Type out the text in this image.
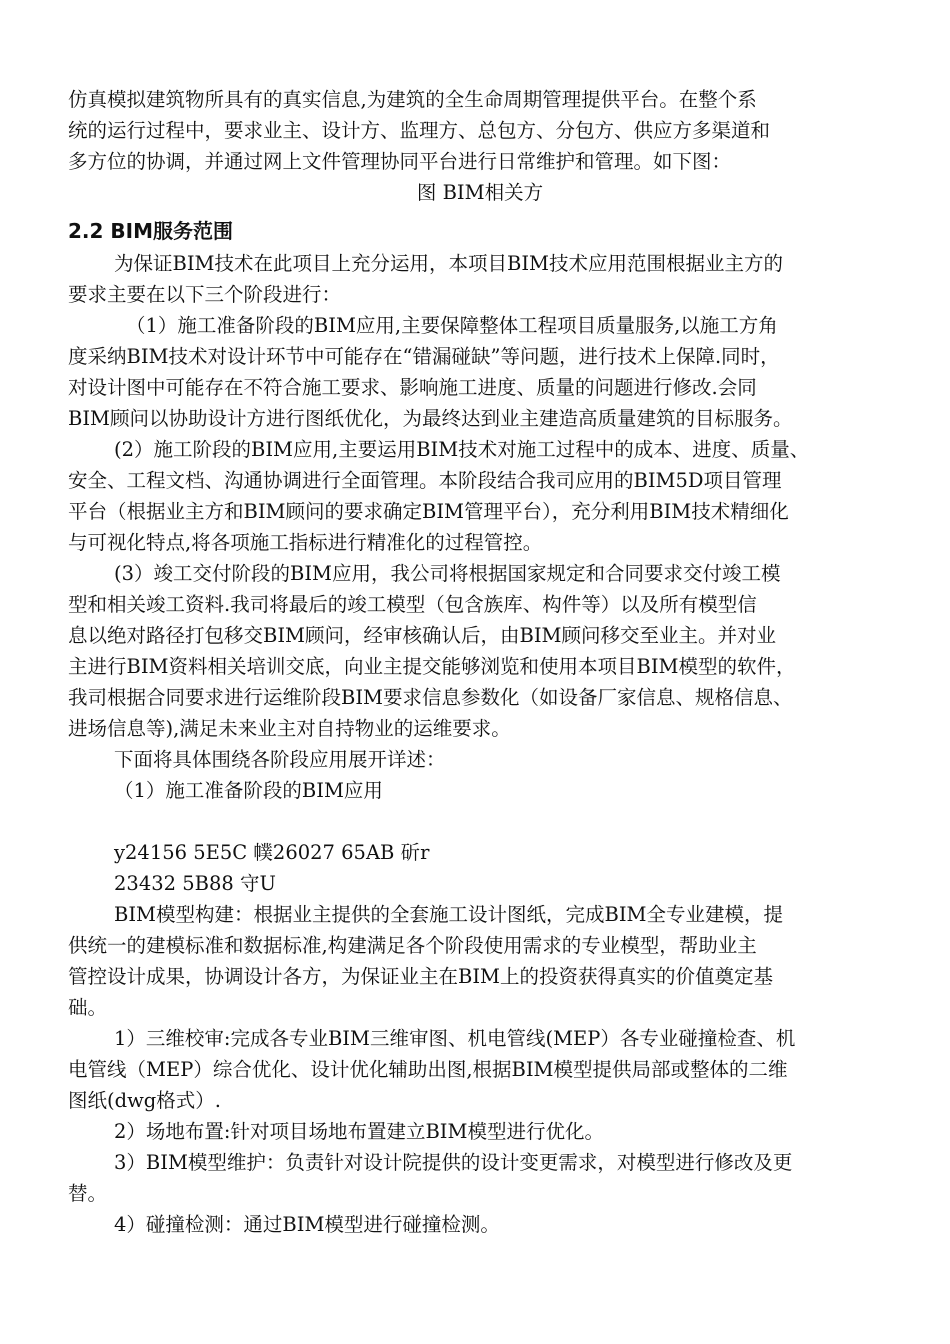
仿真模拟建筑物所具有的真实信息,为建筑的全生命周期管理提供平台。在整个系
统的运行过程中，要求业主、设计方、监理方、总包方、分包方、供应方多渠道和
多方位的协调，并通过网上文件管理协同平台进行日常维护和管理。如下图：
图 BIM相关方
2.2 BIM服务范围
为保证BIM技术在此项目上充分运用，本项目BIM技术应用范围根据业主方的
要求主要在以下三个阶段进行：
（1）施工准备阶段的BIM应用,主要保障整体工程项目质量服务,以施工方角
度采纳BIM技术对设计环节中可能存在“错漏碰缺”等问题，进行技术上保障.同时，
对设计图中可能存在不符合施工要求、影响施工进度、质量的问题进行修改.会同
BIM顾问以协助设计方进行图纸优化，为最终达到业主建造高质量建筑的目标服务。
(2）施工阶段的BIM应用,主要运用BIM技术对施工过程中的成本、进度、质量、
安全、工程文档、沟通协调进行全面管理。本阶段结合我司应用的BIM5D项目管理
平台（根据业主方和BIM顾问的要求确定BIM管理平台），充分利用BIM技术精细化
与可视化特点,将各项施工指标进行精准化的过程管控。
(3）竣工交付阶段的BIM应用，我公司将根据国家规定和合同要求交付竣工模
型和相关竣工资料.我司将最后的竣工模型（包含族库、构件等）以及所有模型信
息以绝对路径打包移交BIM顾问，经审核确认后，由BIM顾问移交至业主。并对业
主进行BIM资料相关培训交底，向业主提交能够浏览和使用本项目BIM模型的软件，
我司根据合同要求进行运维阶段BIM要求信息参数化（如设备厂家信息、规格信息、
进场信息等),满足未来业主对自持物业的运维要求。
下面将具体围绕各阶段应用展开详述：
（1）施工准备阶段的BIM应用
y24156 5E5C 幞26027 65AB 斫r
23432 5B88 守U
BIM模型构建：根据业主提供的全套施工设计图纸，完成BIM全专业建模，提
供统一的建模标准和数据标准,构建满足各个阶段使用需求的专业模型，帮助业主
管控设计成果，协调设计各方，为保证业主在BIM上的投资获得真实的价值奠定基
础。
1）三维校审:完成各专业BIM三维审图、机电管线(MEP）各专业碰撞检查、机
电管线（MEP）综合优化、设计优化辅助出图,根据BIM模型提供局部或整体的二维
图纸(dwg格式）.
2）场地布置:针对项目场地布置建立BIM模型进行优化。
3）BIM模型维护：负责针对设计院提供的设计变更需求，对模型进行修改及更
替。
4）碰撞检测：通过BIM模型进行碰撞检测。
